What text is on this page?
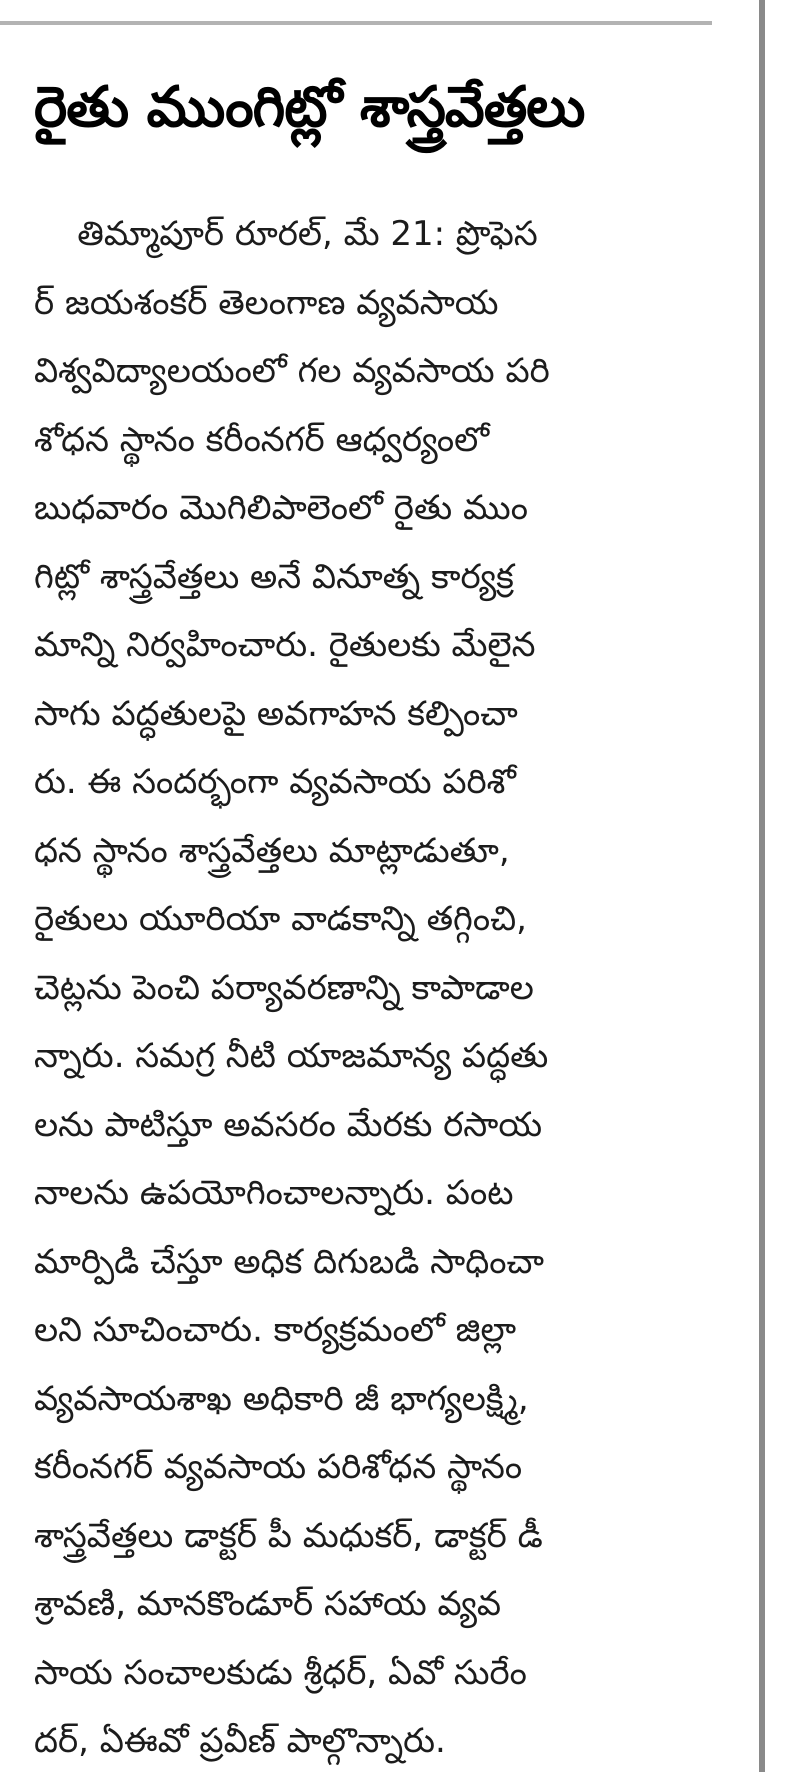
రైతు ముంగిట్లో శాస్త్రవేత్తలు
తిమ్మాపూర్ రూరల్, మే 21: ప్రొఫెస
ర్ జయశంకర్ తెలంగాణ వ్యవసాయ
విశ్వవిద్యాలయంలో గల వ్యవసాయ పరి
శోధన స్థానం కరీంనగర్ ఆధ్వర్యంలో
బుధవారం మొగిలిపాలెంలో రైతు ముం
గిట్లో శాస్త్రవేత్తలు అనే వినూత్న కార్యక్ర
మాన్ని నిర్వహించారు. రైతులకు మేలైన
సాగు పద్ధతులపై అవగాహన కల్పించా
రు. ఈ సందర్భంగా వ్యవసాయ పరిశో
ధన స్థానం శాస్త్రవేత్తలు మాట్లాడుతూ,
రైతులు యూరియా వాడకాన్ని తగ్గించి,
చెట్లను పెంచి పర్యావరణాన్ని కాపాడాల
న్నారు. సమగ్ర నీటి యాజమాన్య పద్ధతు
లను పాటిస్తూ అవసరం మేరకు రసాయ
నాలను ఉపయోగించాలన్నారు. పంట
మార్పిడి చేస్తూ అధిక దిగుబడి సాధించా
లని సూచించారు. కార్యక్రమంలో జిల్లా
వ్యవసాయశాఖ అధికారి జీ భాగ్యలక్ష్మి,
కరీంనగర్ వ్యవసాయ పరిశోధన స్థానం
శాస్త్రవేత్తలు డాక్టర్ పీ మధుకర్, డాక్టర్ డీ
శ్రావణి, మానకొండూర్ సహాయ వ్యవ
సాయ సంచాలకుడు శ్రీధర్, ఏవో సురేం
దర్, ఏఈవో ప్రవీణ్ పాల్గొన్నారు.
